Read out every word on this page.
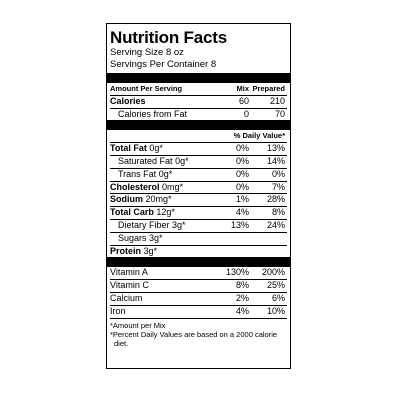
Nutrition Facts
Serving Size 8 oz
Servings Per Container 8
Amount Per Serving	Mix Prepared
Calories	60 210
Calories from Fat	0	70
% Daily Value*
Total Fat 0g*	0% 13%
Saturated Fat 0g*	0% 14%
Trans Fat 0g*	0%	0%
Cholesterol 0mg*	0%	7%
Sodium 20mg*	1% 28%
Total Carb 12g*	4%	8%
Dietary Fiber 3g*	13% 24%
Sugars 3g*
Protein 3g*
Vitamin A	130% 200%
Vitamin C	8% 25%
Calcium	2%	6%
Iron	4% 10%
*Amount per Mix
*Percent Daily Values are based on a 2000 calorie diet.
